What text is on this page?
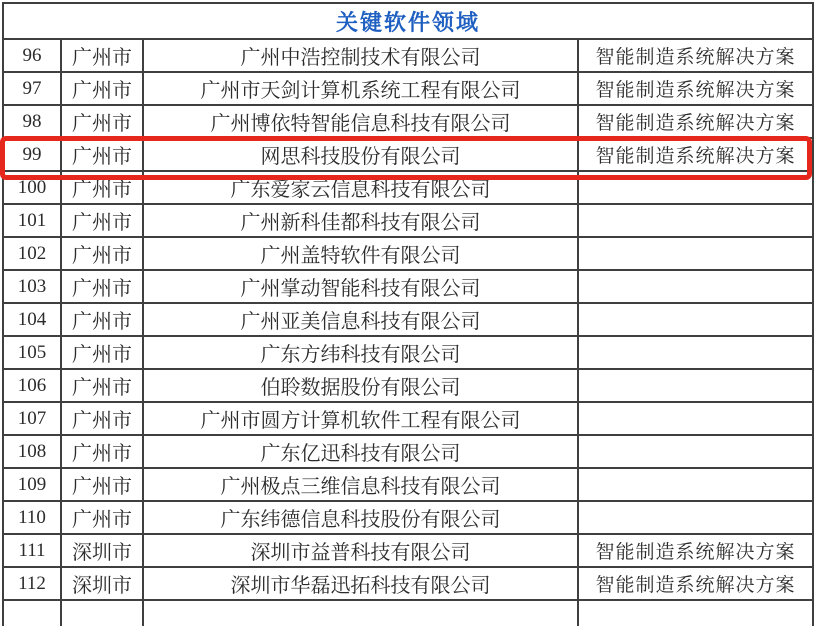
关键软件领域			
96	广州市	广州中浩控制技术有限公司	智能制造系统解决方案
97	广州市	广州市天剑计算机系统工程有限公司	智能制造系统解决方案
98	广州市	广州博依特智能信息科技有限公司	智能制造系统解决方案
99	广州市	网思科技股份有限公司	智能制造系统解决方案
100	广州市	广东爱家云信息科技有限公司	
101	广州市	广州新科佳都科技有限公司	
102	广州市	广州盖特软件有限公司	
103	广州市	广州掌动智能科技有限公司	
104	广州市	广州亚美信息科技有限公司	
105	广州市	广东方纬科技有限公司	
106	广州市	伯聆数据股份有限公司	
107	广州市	广州市圆方计算机软件工程有限公司	
108	广州市	广东亿迅科技有限公司	
109	广州市	广州极点三维信息科技有限公司	
110	广州市	广东纬德信息科技股份有限公司	
111	深圳市	深圳市益普科技有限公司	智能制造系统解决方案
112	深圳市	深圳市华磊迅拓科技有限公司	智能制造系统解决方案
